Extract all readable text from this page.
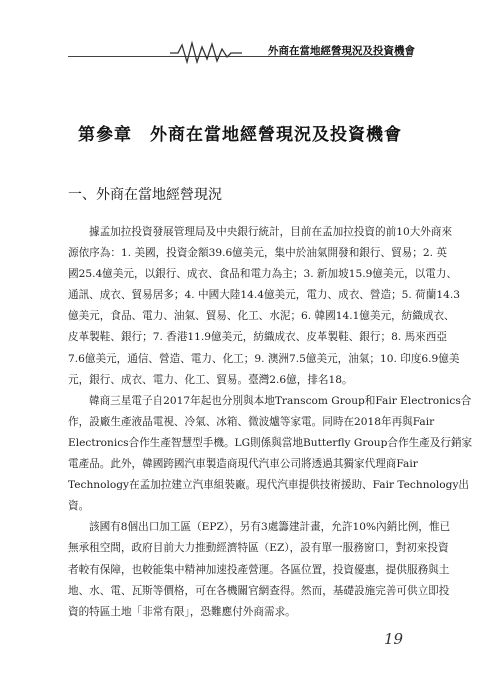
外商在當地經營現況及投資機會
第參章　外商在當地經營現況及投資機會
一、外商在當地經營現況

據孟加拉投資發展管理局及中央銀行統計，目前在孟加拉投資的前10大外商來
源依序為：1. 美國，投資金額39.6億美元，集中於油氣開發和銀行、貿易；2. 英
國25.4億美元，以銀行、成衣、食品和電力為主；3. 新加坡15.9億美元，以電力、
通訊、成衣、貿易居多；4. 中國大陸14.4億美元，電力、成衣、營造；5. 荷蘭14.3
億美元，食品、電力、油氣、貿易、化工、水泥；6. 韓國14.1億美元，紡織成衣、
皮革製鞋、銀行；7. 香港11.9億美元，紡織成衣、皮革製鞋、銀行；8. 馬來西亞
7.6億美元，通信、營造、電力、化工；9. 澳洲7.5億美元，油氣；10. 印度6.9億美
元，銀行、成衣、電力、化工、貿易。臺灣2.6億，排名18。

韓商三星電子自2017年起也分別與本地Transcom Group和Fair Electronics合
作，設廠生產液晶電視、冷氣、冰箱、微波爐等家電。同時在2018年再與Fair
Electronics合作生產智慧型手機。LG則係與當地Butterfly Group合作生產及行銷家
電產品。此外，韓國跨國汽車製造商現代汽車公司將透過其獨家代理商Fair
Technology在孟加拉建立汽車組裝廠。現代汽車提供技術援助、Fair Technology出
資。

該國有8個出口加工區（EPZ），另有3處籌建計畫，允許10%內銷比例，惟已
無承租空間，政府目前大力推動經濟特區（EZ），設有單一服務窗口，對初來投資
者較有保障，也較能集中精神加速投產營運。各區位置，投資優惠，提供服務與土
地、水、電、瓦斯等價格，可在各機關官網查得。然而，基礎設施完善可供立即投
資的特區土地「非常有限」，恐難應付外商需求。

19
